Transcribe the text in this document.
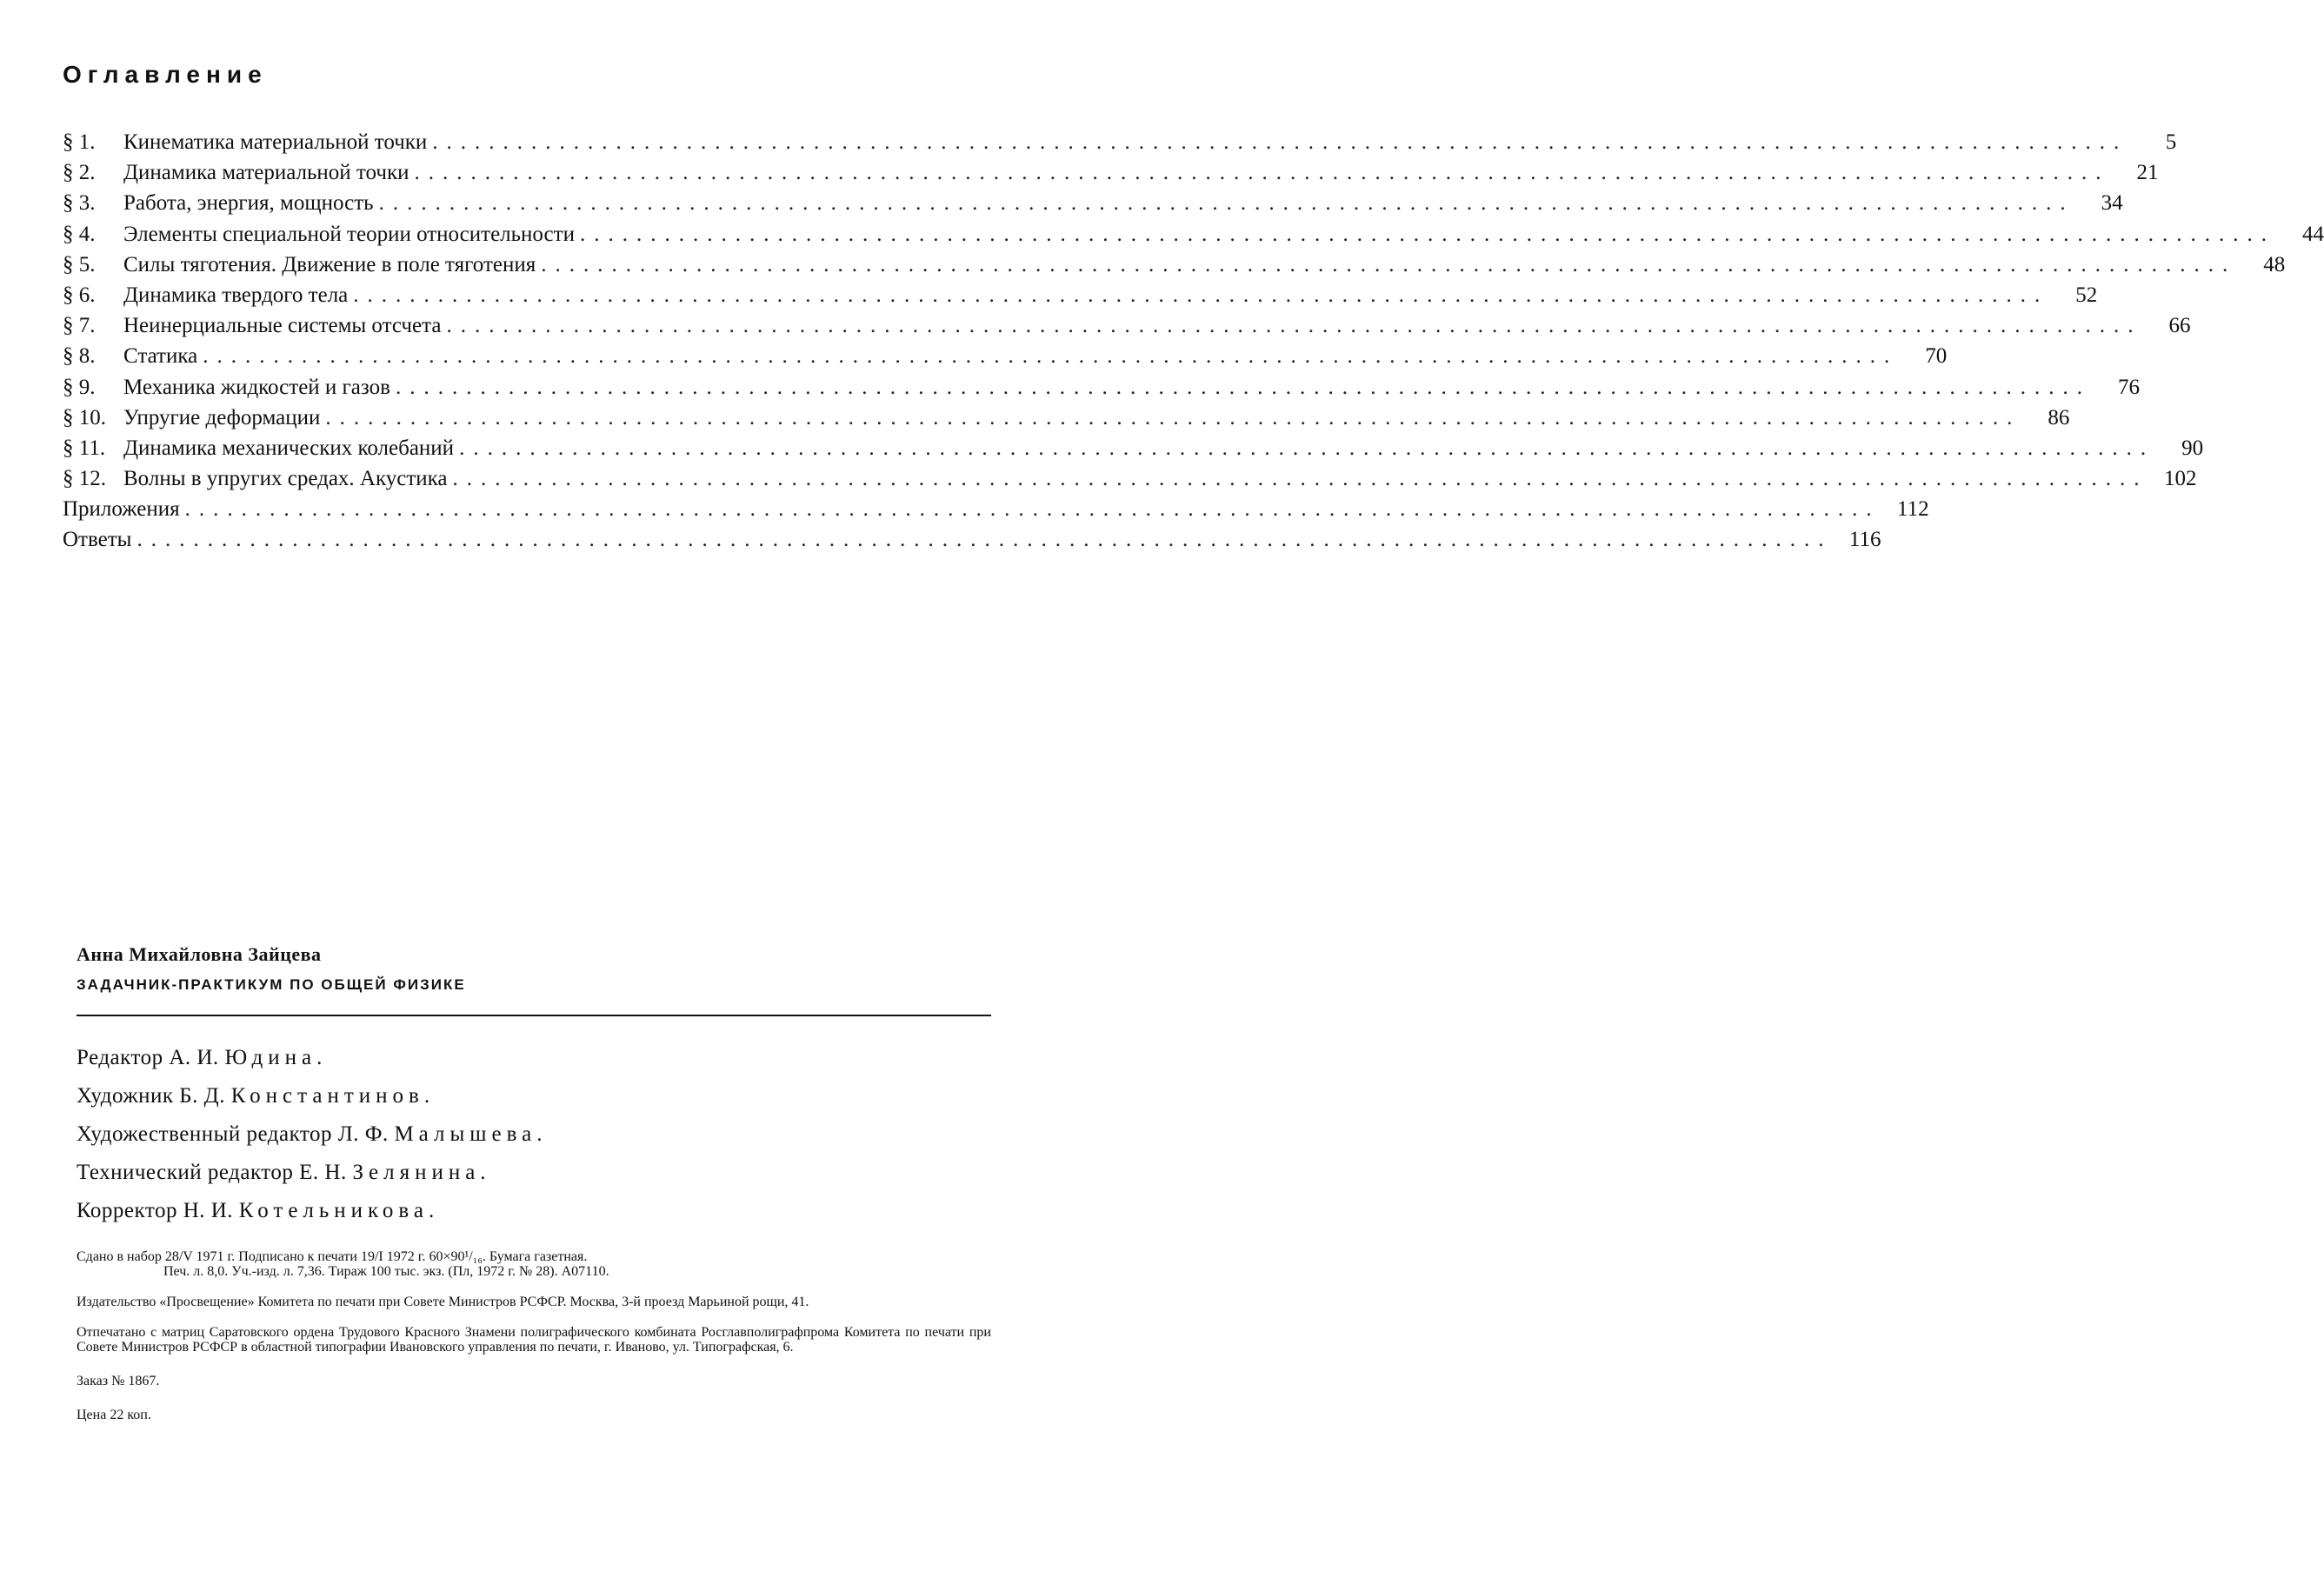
Оглавление
§ 1.	Кинематика материальной точки ........................................................................................................................	5
§ 2.	Динамика материальной точки ........................................................................................................................	21
§ 3.	Работа, энергия, мощность ........................................................................................................................	34
§ 4.	Элементы специальной теории относительности ........................................................................................................................	44
§ 5.	Силы тяготения. Движение в поле тяготения ........................................................................................................................	48
§ 6.	Динамика твердого тела ........................................................................................................................	52
§ 7.	Неинерциальные системы отсчета ........................................................................................................................	66
§ 8.	Статика ........................................................................................................................	70
§ 9.	Механика жидкостей и газов ........................................................................................................................	76
§ 10. Упругие деформации ........................................................................................................................	86
§ 11. Динамика механических колебаний ........................................................................................................................	90
§ 12. Волны в упругих средах. Акустика ........................................................................................................................ 102
Приложения ........................................................................................................................ 112
Ответы ........................................................................................................................ 116

Анна Михайловна Зайцева

ЗАДАЧНИК-ПРАКТИКУМ ПО ОБЩЕЙ ФИЗИКЕ

Редактор А. И. Юдина.
Художник Б. Д. Константинов.
Художественный редактор Л. Ф. Малышева.
Технический редактор Е. Н. Зелянина.
Корректор Н. И. Котельникова.
Сдано в набор 28/V 1971 г. Подписано к печати 19/I 1972 г. 60×90¹/₁₆. Бумага газетная.
Печ. л. 8,0. Уч.-изд. л. 7,36. Тираж 100 тыс. экз. (Пл, 1972 г. № 28). А07110.
Издательство «Просвещение» Комитета по печати при Совете Министров РСФСР. Москва, 3-й проезд Марьиной рощи, 41.
Отпечатано с матриц Саратовского ордена Трудового Красного Знамени полиграфического комбината Росглавполиграфпрома Комитета по печати при Совете Министров РСФСР в областной типографии Ивановского управления по печати, г. Иваново, ул. Типографская, 6.
Заказ № 1867.
Цена 22 коп.
